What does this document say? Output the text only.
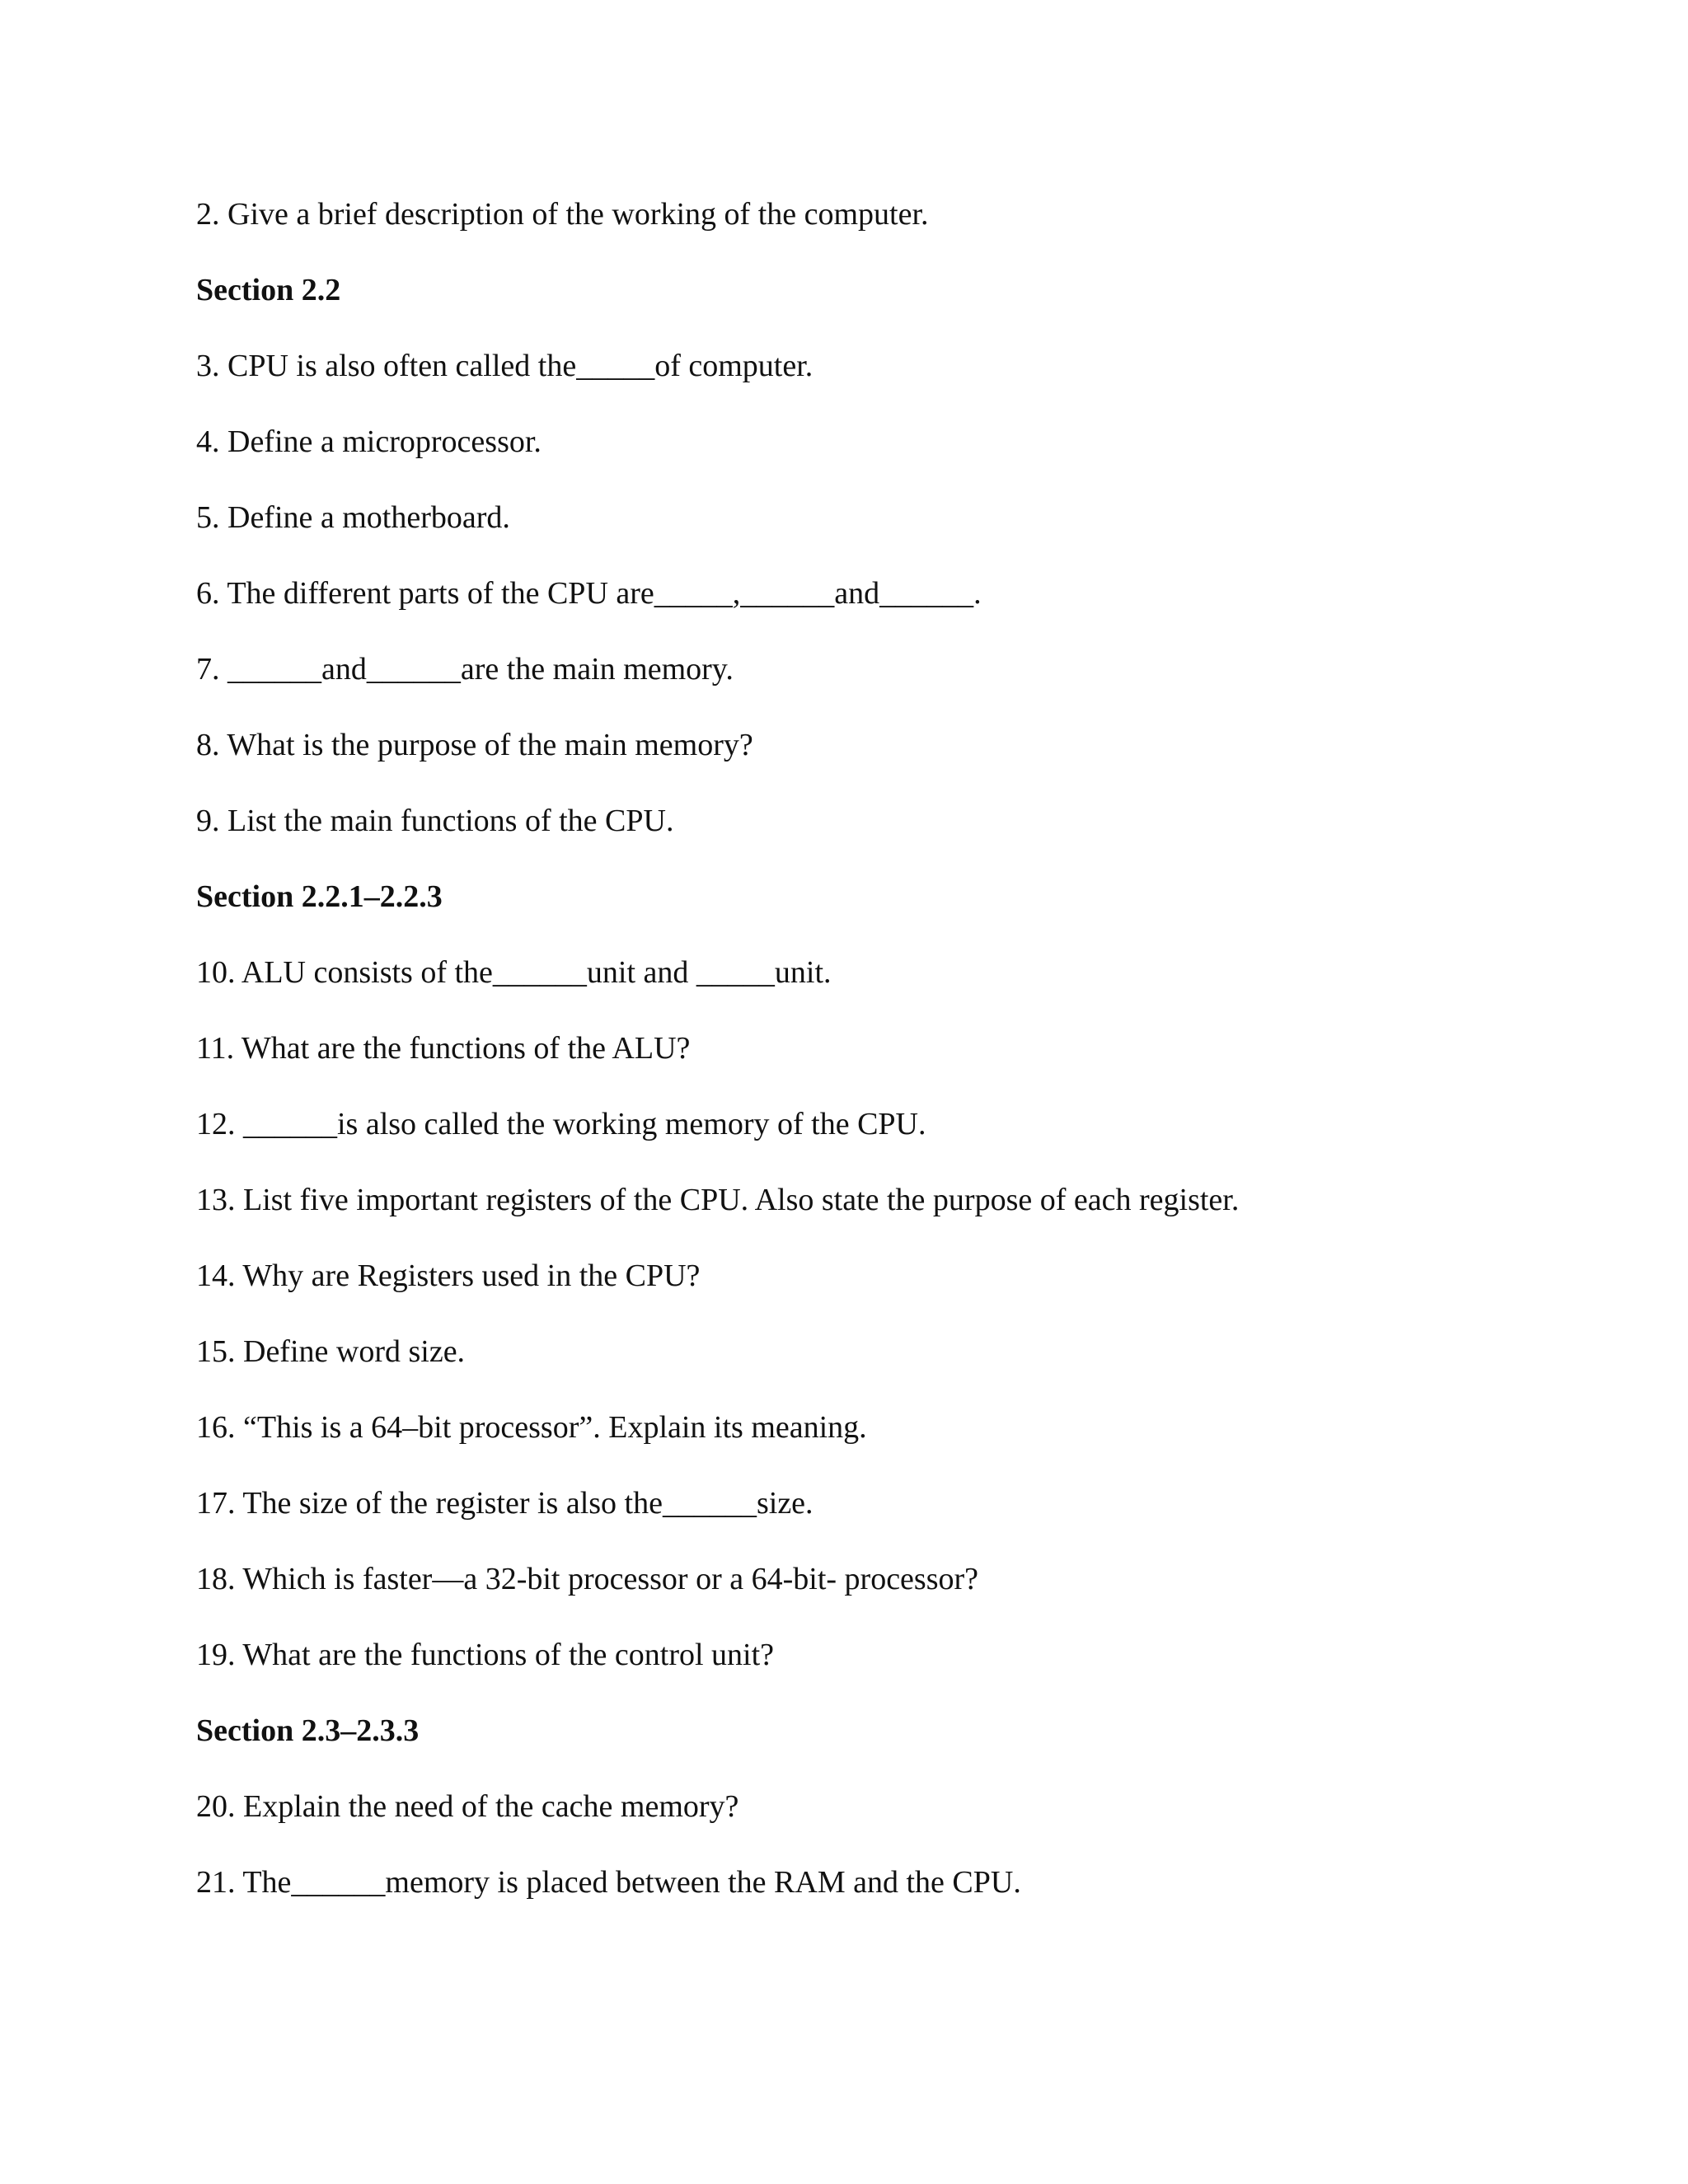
2. Give a brief description of the working of the computer.

Section 2.2

3. CPU is also often called the_____of computer.

4. Define a microprocessor.

5. Define a motherboard.

6. The different parts of the CPU are_____,______and______.

7. ______and______are the main memory.

8. What is the purpose of the main memory?

9. List the main functions of the CPU.

Section 2.2.1–2.2.3

10. ALU consists of the______unit and _____unit.

11. What are the functions of the ALU?

12. ______is also called the working memory of the CPU.

13. List five important registers of the CPU. Also state the purpose of each register.

14. Why are Registers used in the CPU?

15. Define word size.

16. “This is a 64–bit processor”. Explain its meaning.

17. The size of the register is also the______size.

18. Which is faster—a 32-bit processor or a 64-bit- processor?

19. What are the functions of the control unit?

Section 2.3–2.3.3

20. Explain the need of the cache memory?

21. The______memory is placed between the RAM and the CPU.
